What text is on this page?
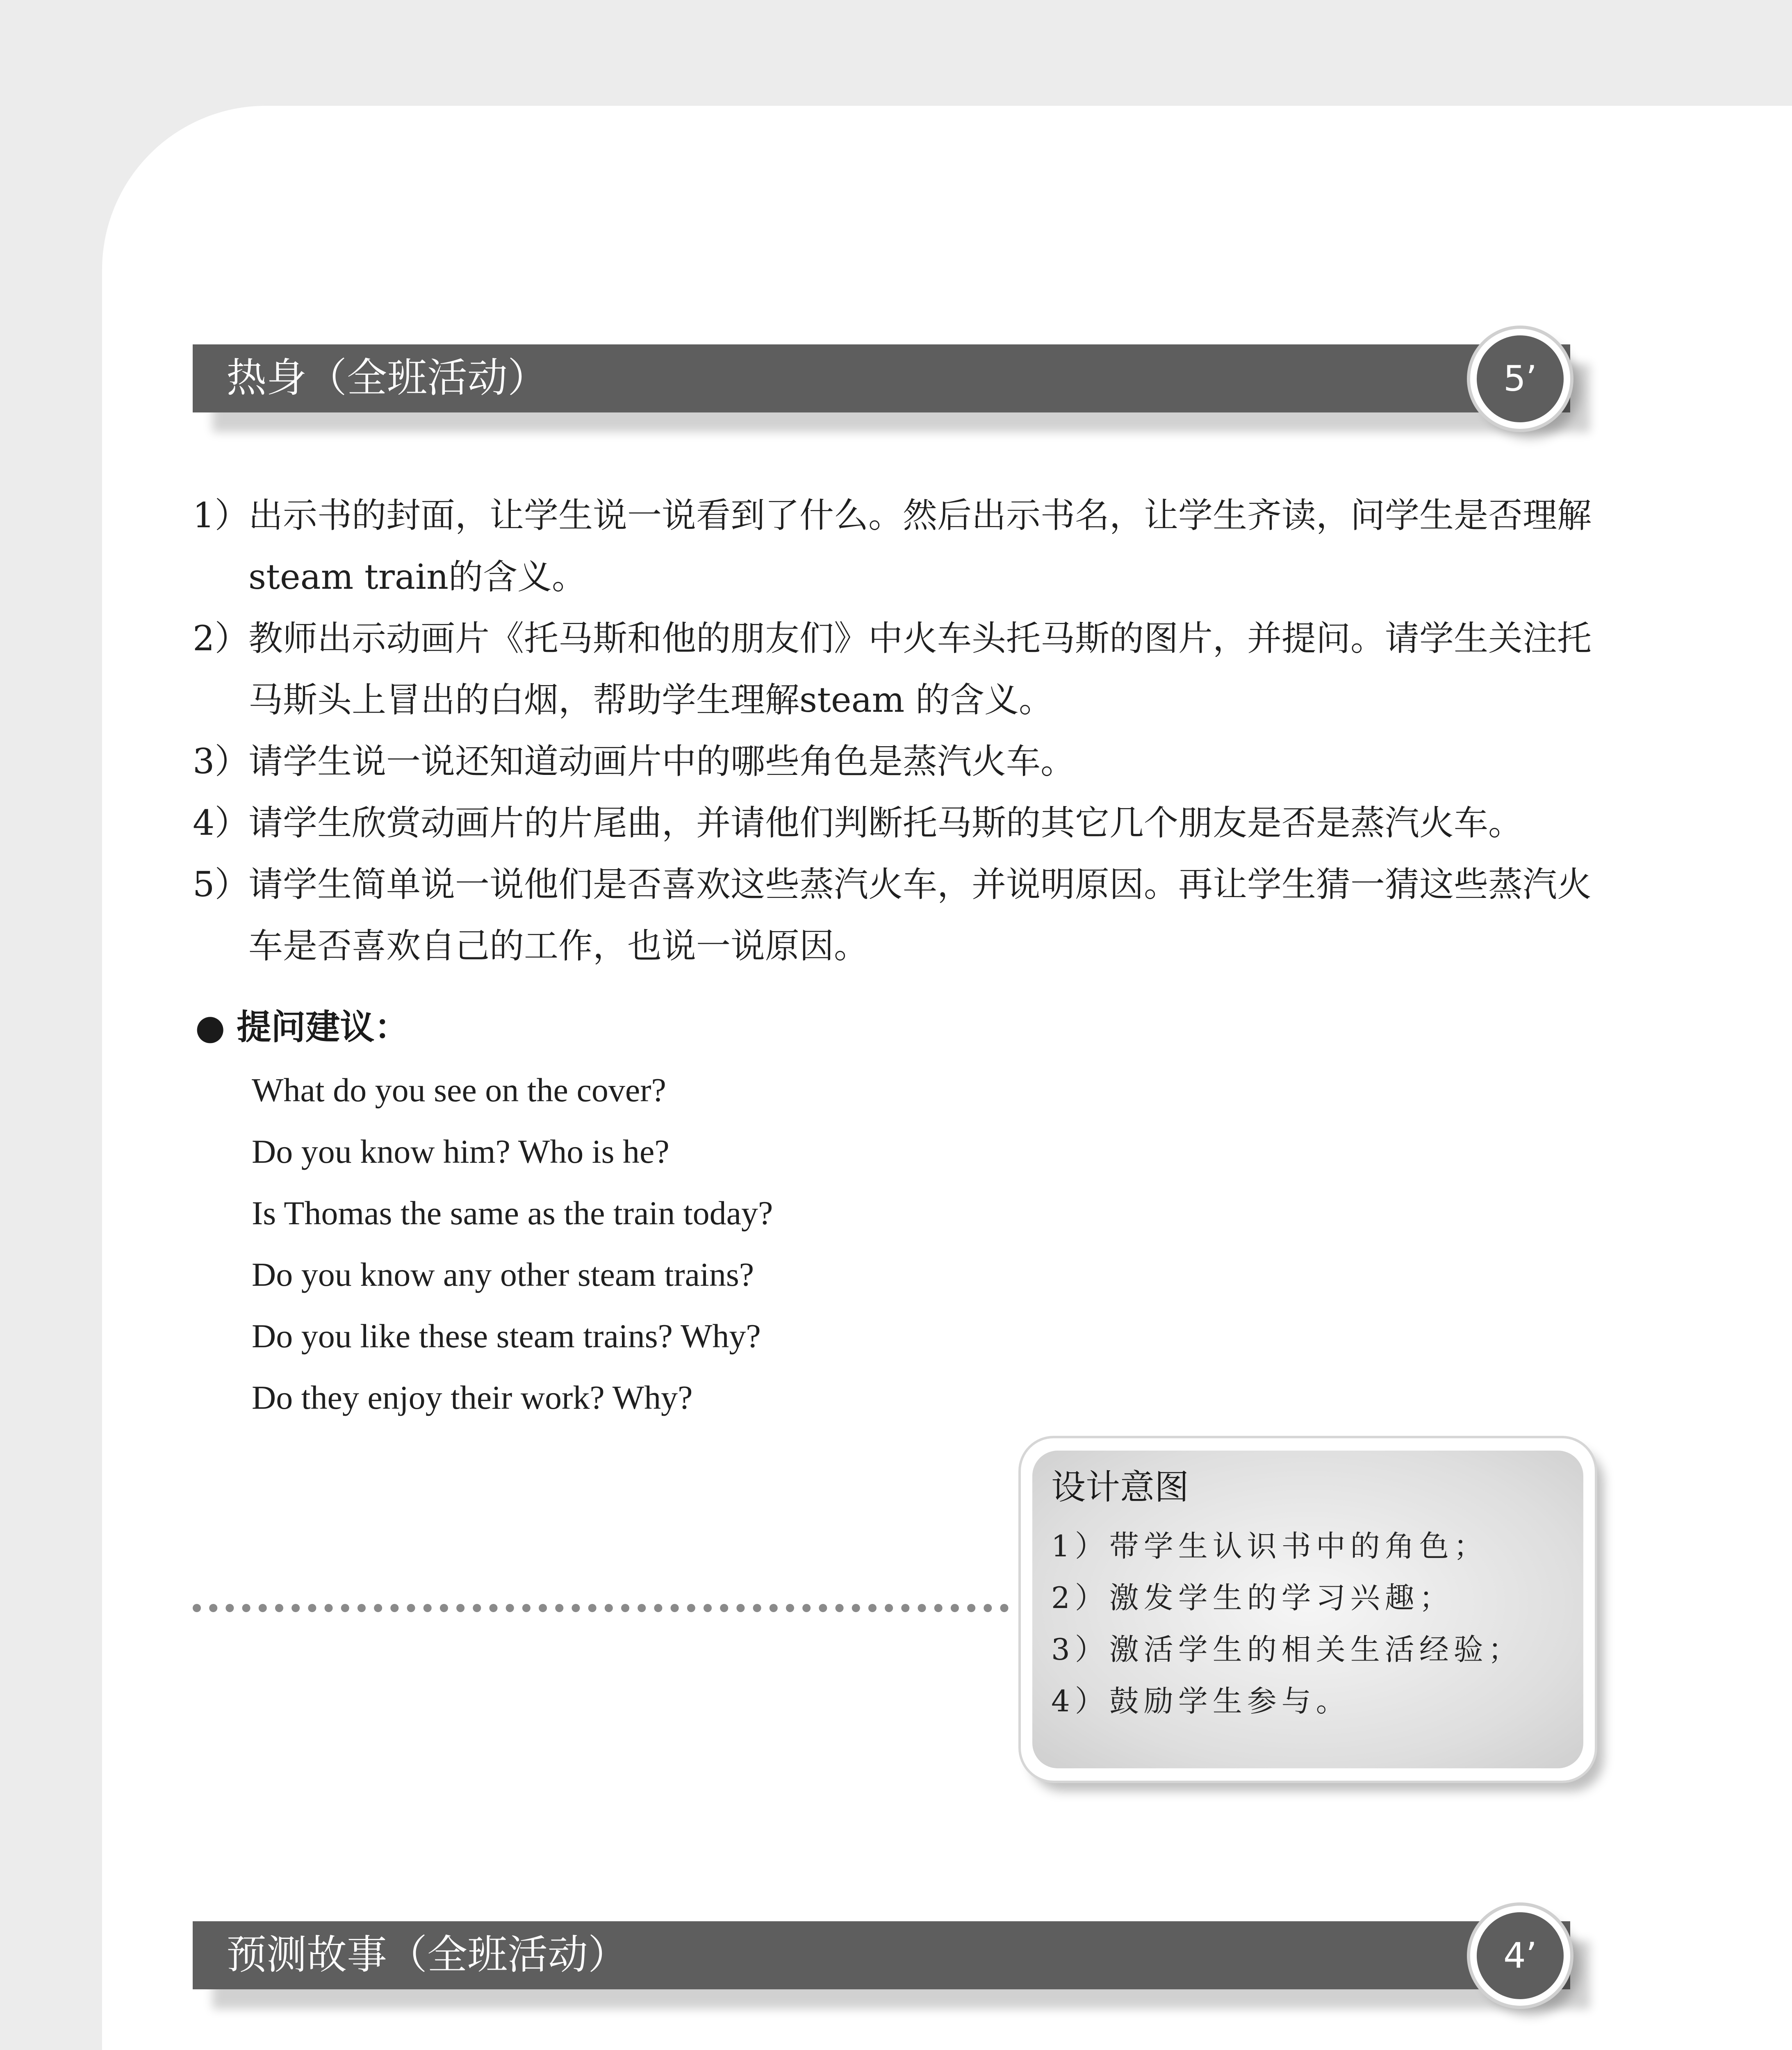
热身（全班活动）	5’
1）
出示书的封面，让学生说一说看到了什么。然后出示书名，让学生齐读，问学生是否理解steam train的含义。
2）
教师出示动画片《托马斯和他的朋友们》中火车头托马斯的图片，并提问。请学生关注托马斯头上冒出的白烟，帮助学生理解steam 的含义。
3）
请学生说一说还知道动画片中的哪些角色是蒸汽火车。
4）
请学生欣赏动画片的片尾曲，并请他们判断托马斯的其它几个朋友是否是蒸汽火车。
5）
请学生简单说一说他们是否喜欢这些蒸汽火车，并说明原因。再让学生猜一猜这些蒸汽火车是否喜欢自己的工作，也说一说原因。
● 提问建议：
What do you see on the cover?
Do you know him? Who is he?
Is Thomas the same as the train today?
Do you know any other steam trains?
Do you like these steam trains? Why?
Do they enjoy their work? Why?
设计意图
1）带学生认识书中的角色；
2）激发学生的学习兴趣；
3）激活学生的相关生活经验；
4）鼓励学生参与。
预测故事（全班活动）	4’
